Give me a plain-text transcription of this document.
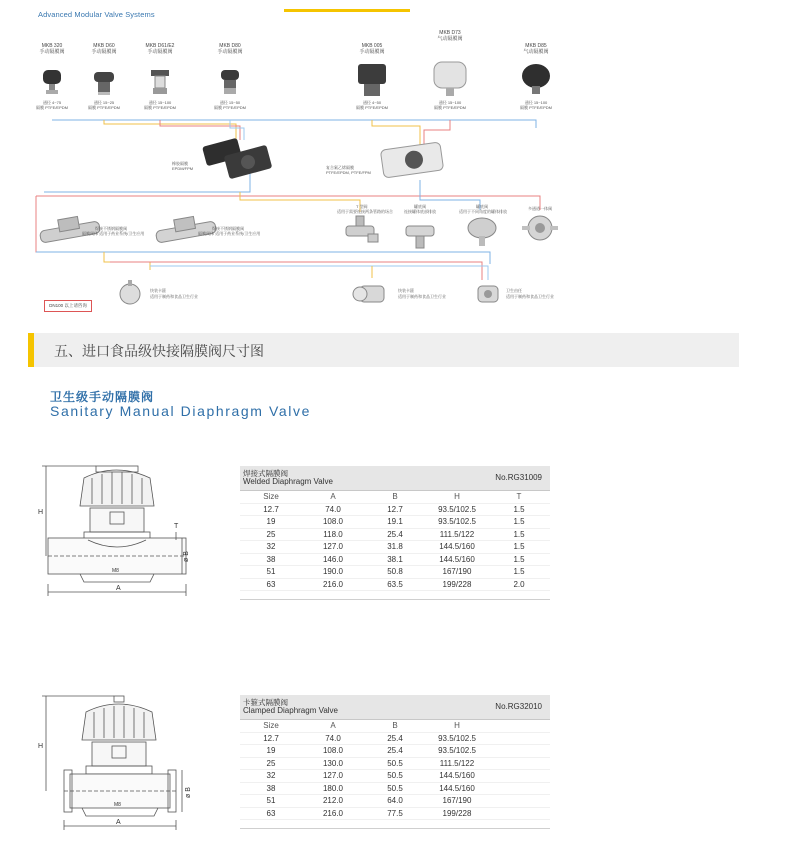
Advanced Modular Valve Systems
MKB 320
手动隔膜阀
通径 4~75
隔膜 PTFE/EPDM
MKB D60
手动隔膜阀
通径 15~25
隔膜 PTFE/EPDM
MKB D61/E2
手动隔膜阀
通径 15~100
隔膜 PTFE/EPDM
MKB D80
手动隔膜阀
通径 15~50
隔膜 PTFE/EPDM
MKB 005
手动隔膜阀
通径 4~50
隔膜 PTFE/EPDM
MKB D73
气动隔膜阀
通径 15~100
隔膜 PTFE/EPDM
MKB D85
气动隔膜阀
通径 15~100
隔膜 PTFE/EPDM
橡胶隔膜
EPDM/FPM	复合氟乙烯隔膜
PTFE/EPDM, PTFE/FPM
焊接不锈钢隔膜阀
隔膜阀体 适用于药业系统/卫生应用
焊接不锈钢隔膜阀
隔膜阀体 适用于药业系统/卫生应用
T 型阀
适用于需要连接两条管路的场合
罐底阀
连接罐体底部排放
罐底阀
适用于不同角度的罐体排放
多通道一体阀
快装卡箍
适用于制药和食品卫生行业
快装卡箍
适用于制药和食品卫生行业
卫生由任
适用于制药和食品卫生行业
DN100 以上请咨询
五、进口食品级快接隔膜阀尺寸图
卫生级手动隔膜阀
Sanitary Manual Diaphragm Valve
H
A
ø B
T
M8
焊接式隔膜阀
Welded Diaphragm Valve	No.RG31009
Size	A	B	H	T
12.7	74.0	12.7	93.5/102.5	1.5
19	108.0	19.1	93.5/102.5	1.5
25	118.0	25.4	111.5/122	1.5
32	127.0	31.8	144.5/160	1.5
38	146.0	38.1	144.5/160	1.5
51	190.0	50.8	167/190	1.5
63	216.0	63.5	199/228	2.0
H
A
ø B
M8
卡箍式隔膜阀
Clamped Diaphragm Valve	No.RG32010
Size	A	B	H	
12.7	74.0	25.4	93.5/102.5	
19	108.0	25.4	93.5/102.5	
25	130.0	50.5	111.5/122	
32	127.0	50.5	144.5/160	
38	180.0	50.5	144.5/160	
51	212.0	64.0	167/190	
63	216.0	77.5	199/228	
